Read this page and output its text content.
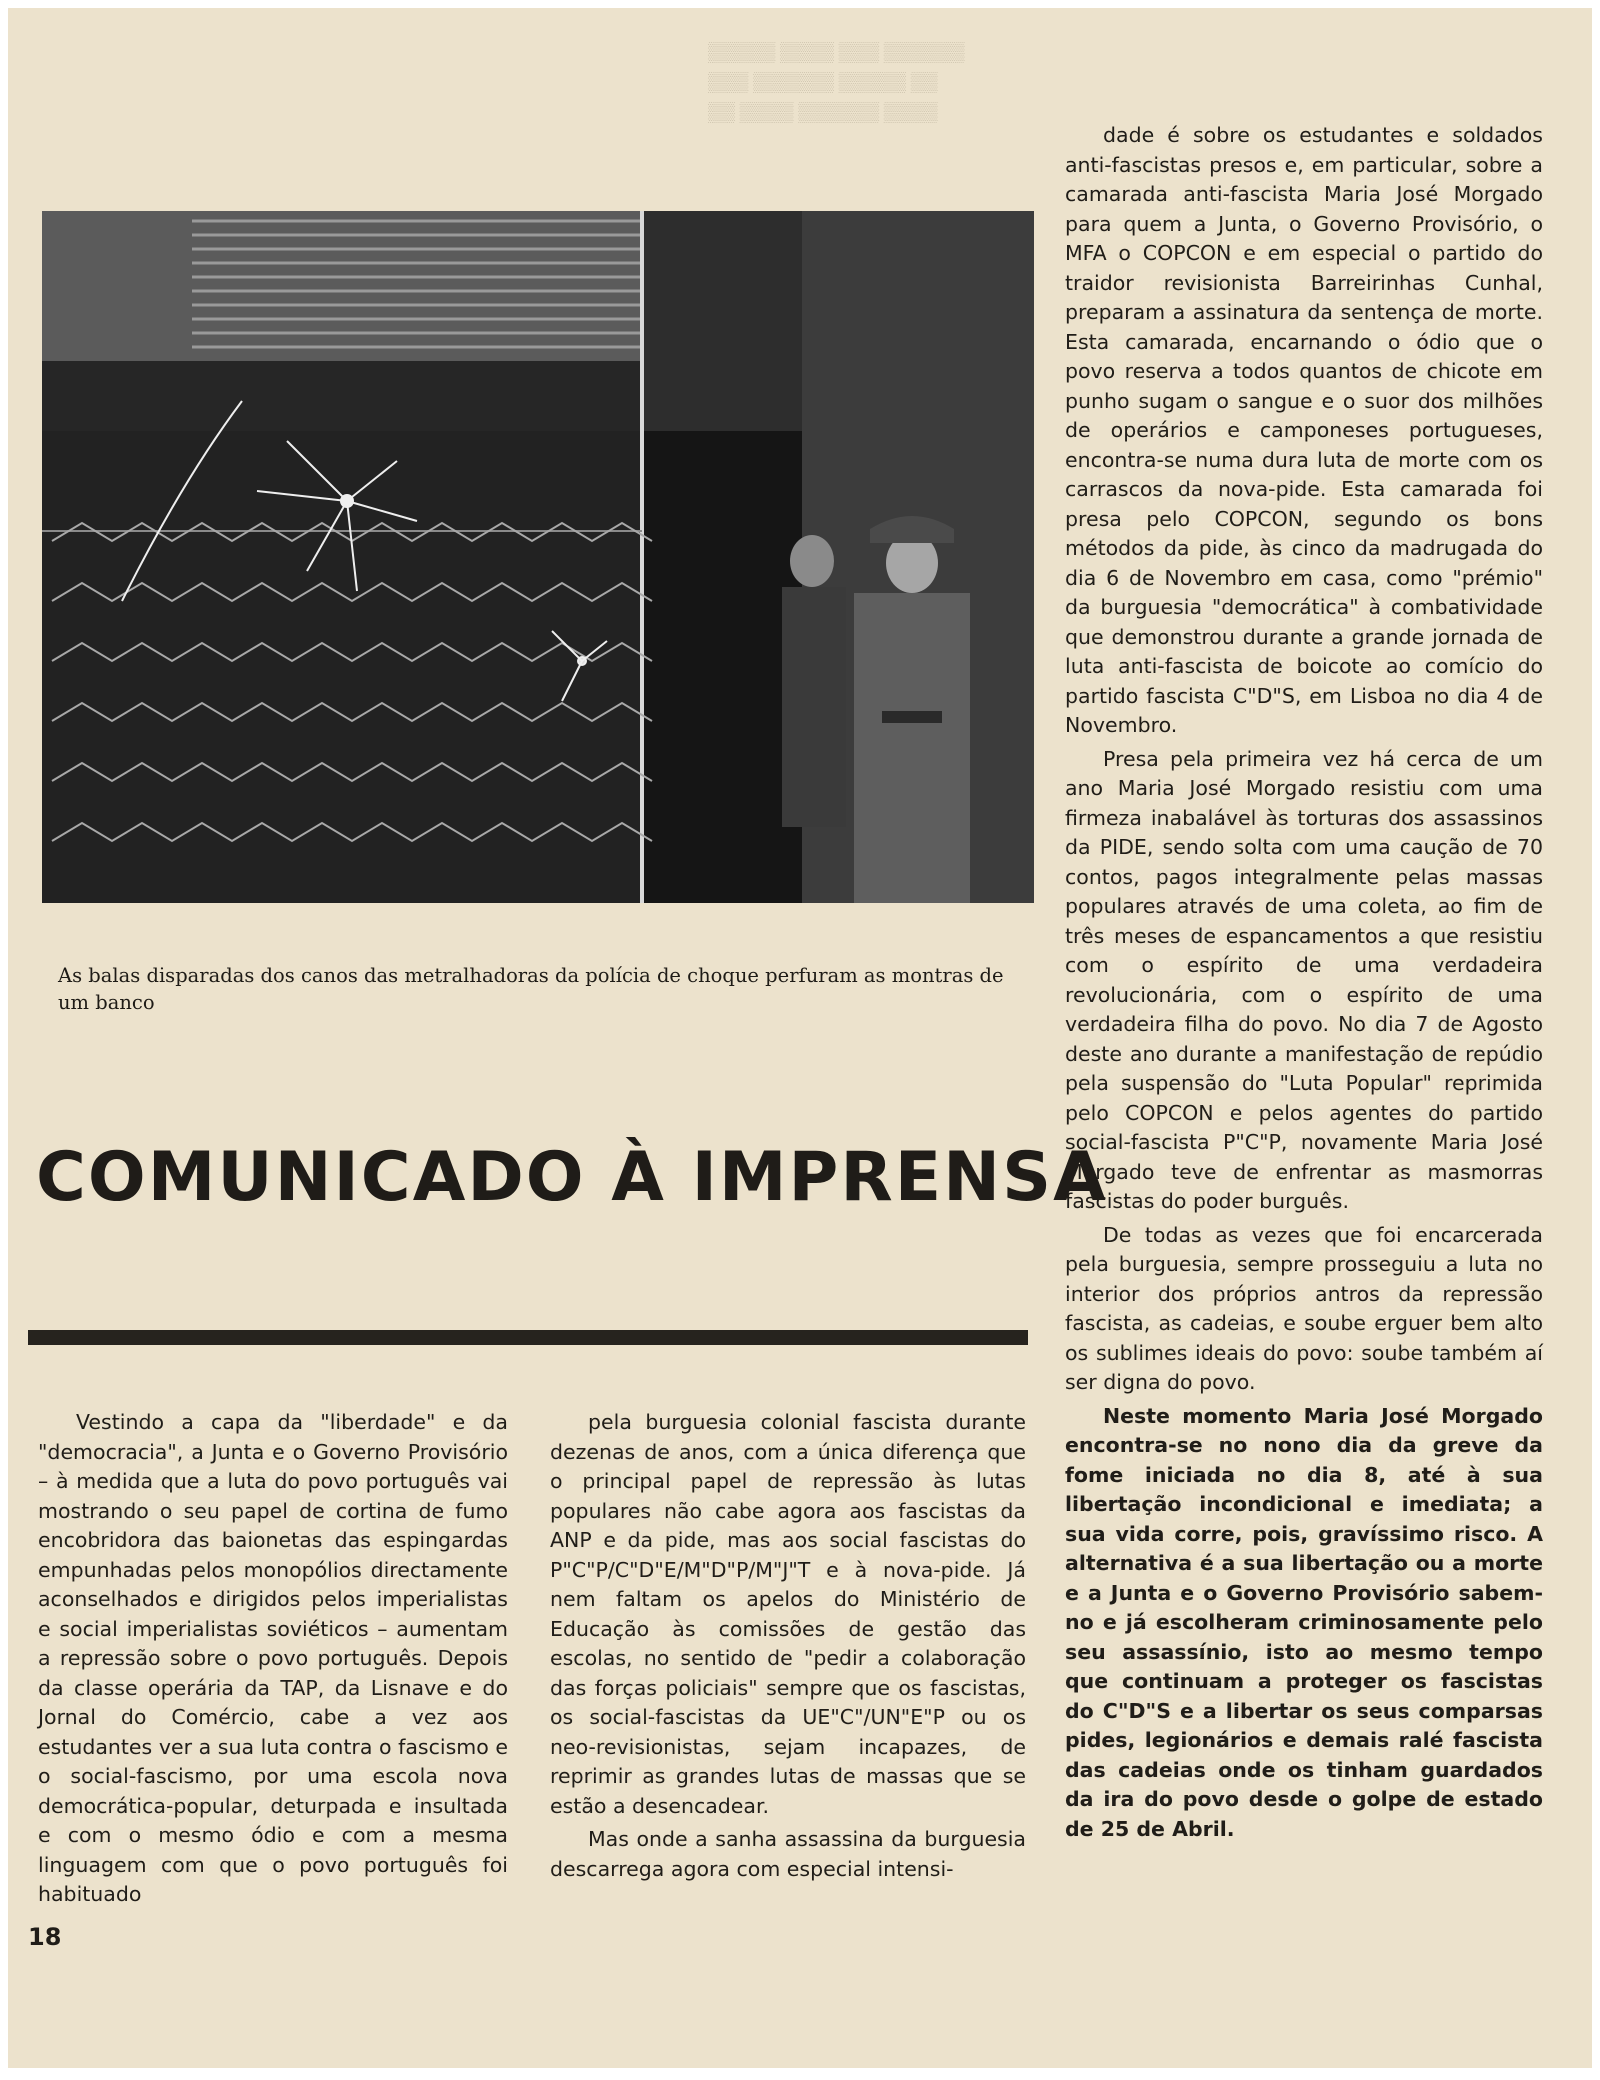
▒▒▒▒▒ ▒▒▒▒ ▒▒▒ ▒▒▒▒▒▒
▒▒▒ ▒▒▒▒▒▒ ▒▒▒▒▒ ▒▒
▒▒ ▒▒▒▒ ▒▒▒▒▒▒ ▒▒▒▒
As balas disparadas dos canos das metralhadoras da polícia de choque perfuram as montras de um banco
COMUNICADO À IMPRENSA

Vestindo a capa da "liberdade" e da "democracia", a Junta e o Governo Provisório – à medida que a luta do povo português vai mostrando o seu papel de cortina de fumo encobridora das baionetas das espingardas empunhadas pelos monopólios directamente aconselhados e dirigidos pelos imperialistas e social imperialistas soviéticos – aumentam a repressão sobre o povo português. Depois da classe operária da TAP, da Lisnave e do Jornal do Comércio, cabe a vez aos estudantes ver a sua luta contra o fascismo e o social-fascismo, por uma escola nova democrática-popular, deturpada e insultada e com o mesmo ódio e com a mesma linguagem com que o povo português foi habituado

pela burguesia colonial fascista durante dezenas de anos, com a única diferença que o principal papel de repressão às lutas populares não cabe agora aos fascistas da ANP e da pide, mas aos social fascistas do P"C"P/C"D"E/M"D"P/M"J"T e à nova-pide. Já nem faltam os apelos do Ministério de Educação às comissões de gestão das escolas, no sentido de "pedir a colaboração das forças policiais" sempre que os fascistas, os social-fascistas da UE"C"/UN"E"P ou os neo-revisionistas, sejam incapazes, de reprimir as grandes lutas de massas que se estão a desencadear.

Mas onde a sanha assassina da burguesia descarrega agora com especial intensi-

dade é sobre os estudantes e soldados anti-fascistas presos e, em particular, sobre a camarada anti-fascista Maria José Morgado para quem a Junta, o Governo Provisório, o MFA o COPCON e em especial o partido do traidor revisionista Barreirinhas Cunhal, preparam a assinatura da sentença de morte. Esta camarada, encarnando o ódio que o povo reserva a todos quantos de chicote em punho sugam o sangue e o suor dos milhões de operários e camponeses portugueses, encontra-se numa dura luta de morte com os carrascos da nova-pide. Esta camarada foi presa pelo COPCON, segundo os bons métodos da pide, às cinco da madrugada do dia 6 de Novembro em casa, como "prémio" da burguesia "democrática" à combatividade que demonstrou durante a grande jornada de luta anti-fascista de boicote ao comício do partido fascista C"D"S, em Lisboa no dia 4 de Novembro.

Presa pela primeira vez há cerca de um ano Maria José Morgado resistiu com uma firmeza inabalável às torturas dos assassinos da PIDE, sendo solta com uma caução de 70 contos, pagos integralmente pelas massas populares através de uma coleta, ao fim de três meses de espancamentos a que resistiu com o espírito de uma verdadeira revolucionária, com o espírito de uma verdadeira filha do povo. No dia 7 de Agosto deste ano durante a manifestação de repúdio pela suspensão do "Luta Popular" reprimida pelo COPCON e pelos agentes do partido social-fascista P"C"P, novamente Maria José Morgado teve de enfrentar as masmorras fascistas do poder burguês.

De todas as vezes que foi encarcerada pela burguesia, sempre prosseguiu a luta no interior dos próprios antros da repressão fascista, as cadeias, e soube erguer bem alto os sublimes ideais do povo: soube também aí ser digna do povo.

Neste momento Maria José Morgado encontra-se no nono dia da greve da fome iniciada no dia 8, até à sua libertação incondicional e imediata; a sua vida corre, pois, gravíssimo risco. A alternativa é a sua libertação ou a morte e a Junta e o Governo Provisório sabem-no e já escolheram criminosamente pelo seu assassínio, isto ao mesmo tempo que continuam a proteger os fascistas do C"D"S e a libertar os seus comparsas pides, legionários e demais ralé fascista das cadeias onde os tinham guardados da ira do povo desde o golpe de estado de 25 de Abril.

18
